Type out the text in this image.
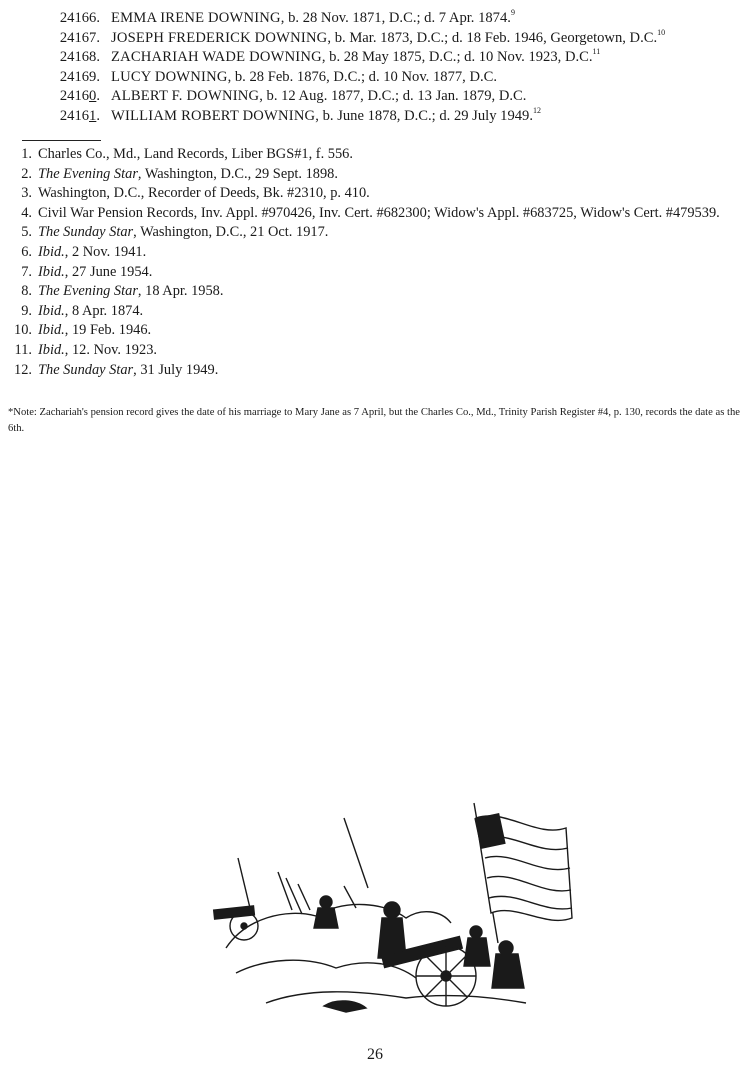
24166. EMMA IRENE DOWNING, b. 28 Nov. 1871, D.C.; d. 7 Apr. 1874.$^9$
24167. JOSEPH FREDERICK DOWNING, b. Mar. 1873, D.C.; d. 18 Feb. 1946, Georgetown, D.C.$^{10}$
24168. ZACHARIAH WADE DOWNING, b. 28 May 1875, D.C.; d. 10 Nov. 1923, D.C.$^{11}$
24169. LUCY DOWNING, b. 28 Feb. 1876, D.C.; d. 10 Nov. 1877, D.C.
24160. ALBERT F. DOWNING, b. 12 Aug. 1877, D.C.; d. 13 Jan. 1879, D.C.
24161. WILLIAM ROBERT DOWNING, b. June 1878, D.C.; d. 29 July 1949.12
1. Charles Co., Md., Land Records, Liber BGS#1, f. 556.
2. The Evening Star, Washington, D.C., 29 Sept. 1898.
3. Washington, D.C., Recorder of Deeds, Bk. #2310, p. 410.
4. Civil War Pension Records, Inv. Appl. #970426, Inv. Cert. #682300; Widow's Appl. #683725, Widow's Cert. #479539.
5. The Sunday Star, Washington, D.C., 21 Oct. 1917.
6. Ibid., 2 Nov. 1941.
7. Ibid., 27 June 1954.
8. The Evening Star, 18 Apr. 1958.
9. Ibid., 8 Apr. 1874.
10. Ibid., 19 Feb. 1946.
11. Ibid., 12. Nov. 1923.
12. The Sunday Star, 31 July 1949.
*Note: Zachariah's pension record gives the date of his marriage to Mary Jane as 7 April, but the Charles Co., Md., Trinity Parish Register #4, p. 130, records the date as the 6th.
26
